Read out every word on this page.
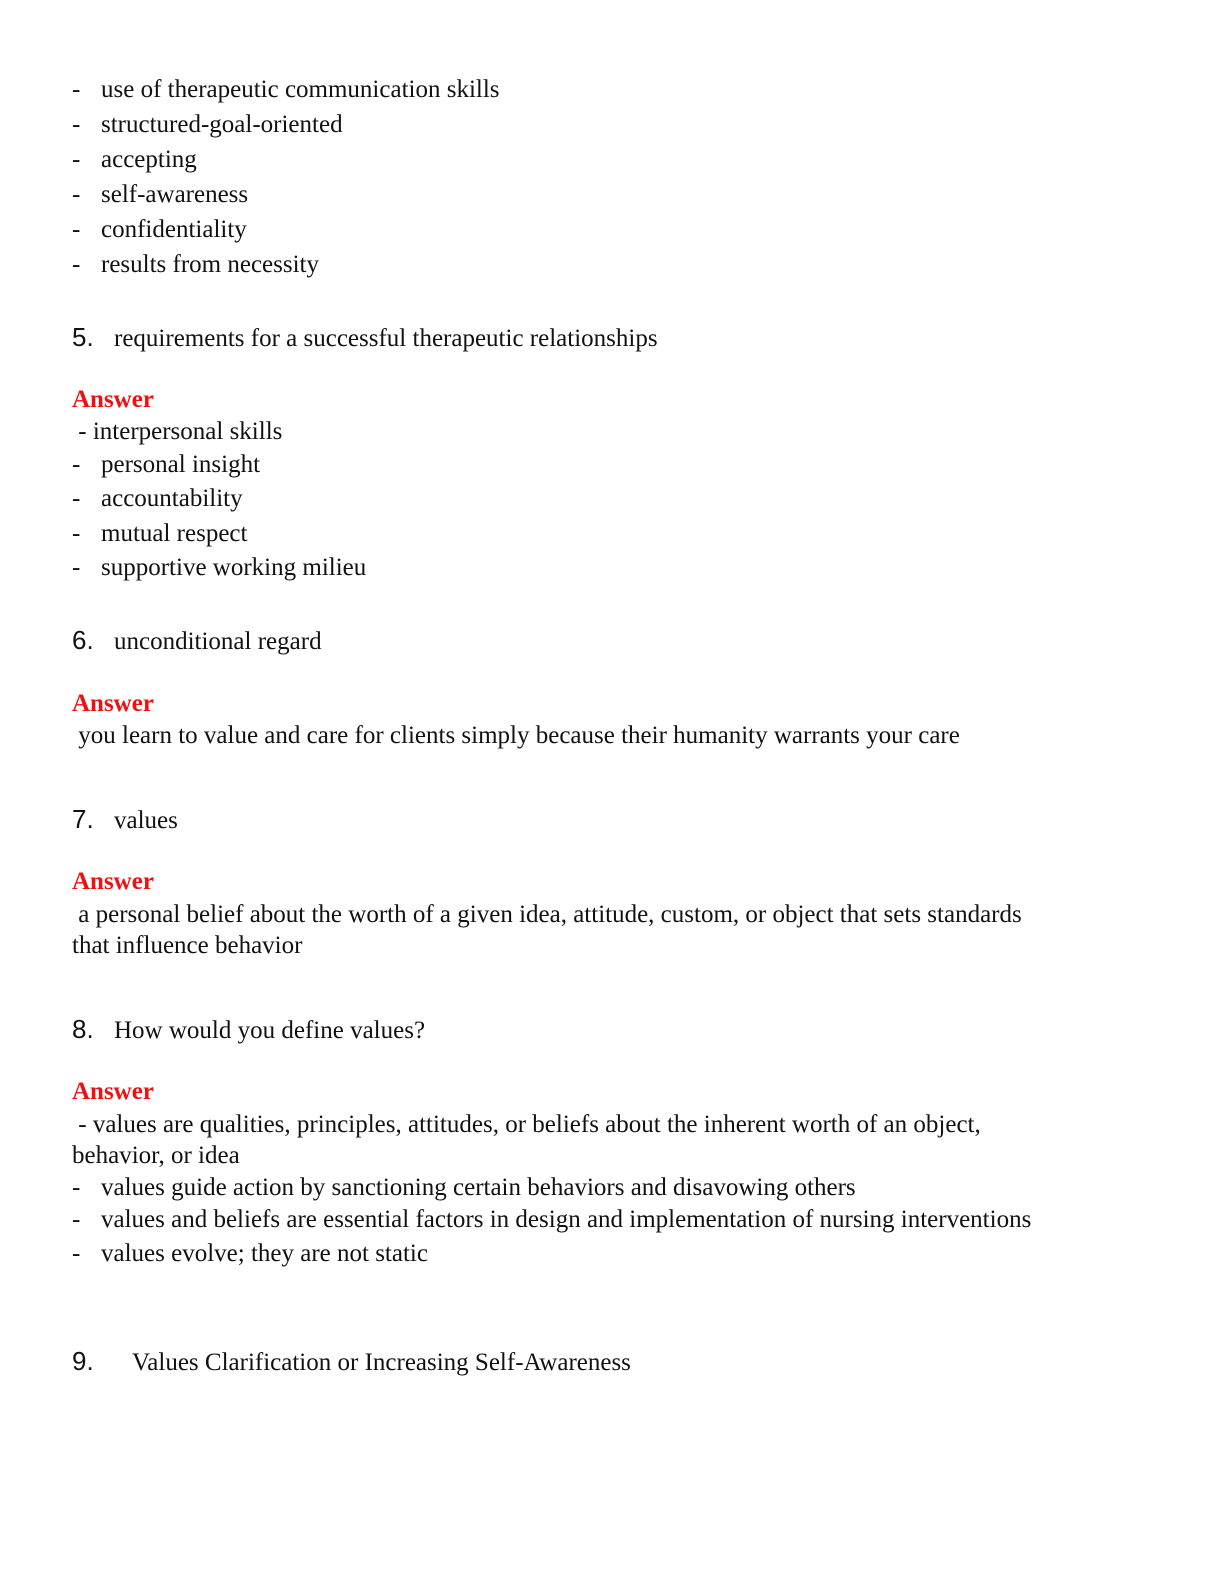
- use of therapeutic communication skills
- structured-goal-oriented
- accepting
- self-awareness
- confidentiality
- results from necessity
5. requirements for a successful therapeutic relationships
Answer
- interpersonal skills
- personal insight
- accountability
- mutual respect
- supportive working milieu
6. unconditional regard
Answer
you learn to value and care for clients simply because their humanity warrants your care
7. values
Answer
a personal belief about the worth of a given idea, attitude, custom, or object that sets standards
that influence behavior
8. How would you define values?
Answer
- values are qualities, principles, attitudes, or beliefs about the inherent worth of an object,
behavior, or idea
- values guide action by sanctioning certain behaviors and disavowing others
- values and beliefs are essential factors in design and implementation of nursing interventions
- values evolve; they are not static
9. Values Clarification or Increasing Self-Awareness
